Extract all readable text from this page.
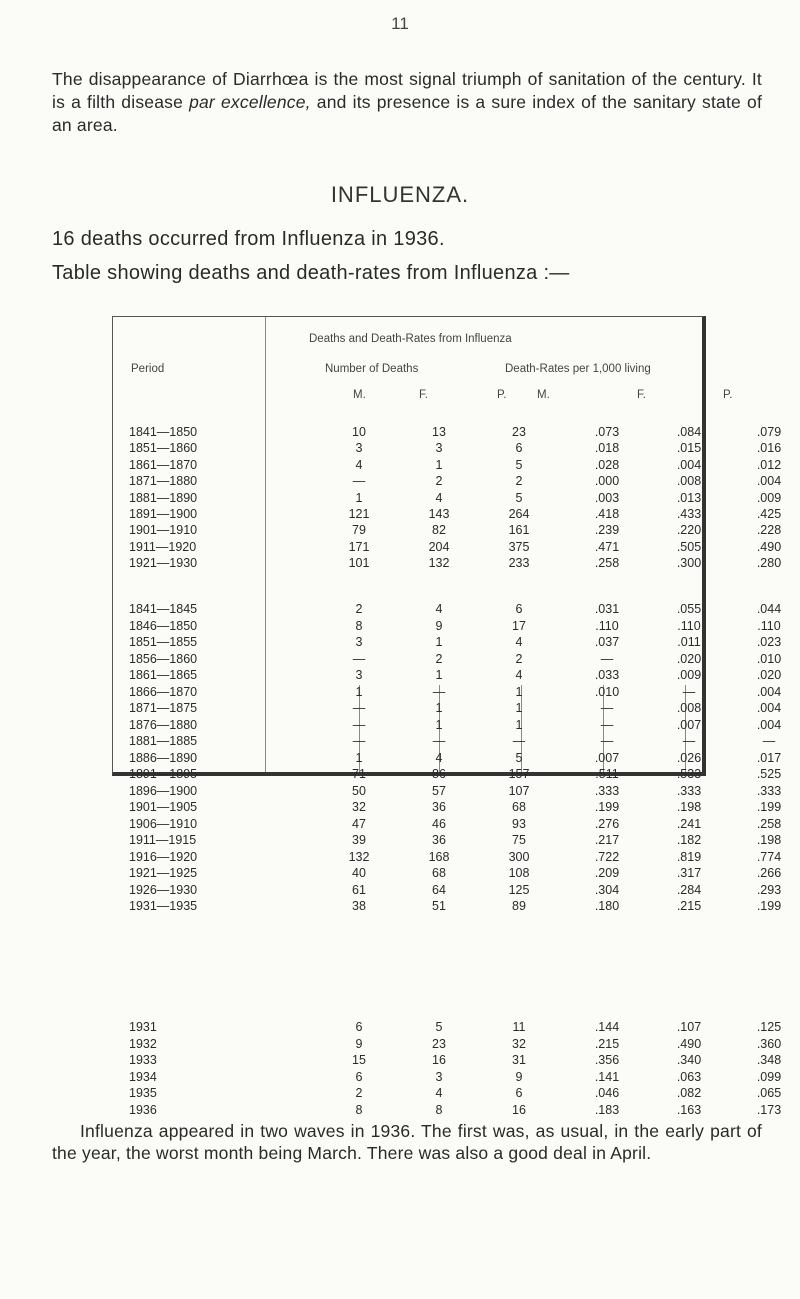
11
The disappearance of Diarrhœa is the most signal triumph of sanitation of the century. It is a filth disease par excellence, and its presence is a sure index of the sanitary state of an area.
INFLUENZA.
16 deaths occurred from Influenza in 1936.
Table showing deaths and death-rates from Influenza :—
Deaths and Death-Rates from Influenza
Period	Number of Deaths	Death-Rates per 1,000 living
M.	F.	P.	M.	F.	P.
1841—1850	10	13	23	.073	.084	.079
1851—1860	3	3	6	.018	.015	.016
1861—1870	4	1	5	.028	.004	.012
1871—1880	—	2	2	.000	.008	.004
1881—1890	1	4	5	.003	.013	.009
1891—1900	121	143	264	.418	.433	.425
1901—1910	79	82	161	.239	.220	.228
1911—1920	171	204	375	.471	.505	.490
1921—1930	101	132	233	.258	.300	.280
1841—1845	2	4	6	.031	.055	.044
1846—1850	8	9	17	.110	.110	.110
1851—1855	3	1	4	.037	.011	.023
1856—1860	—	2	2	—	.020	.010
1861—1865	3	1	4	.033	.009	.020
1866—1870	1	—	1	.010	—	.004
1871—1875	—	1	1	—	.008	.004
1876—1880	—	1	1	—	.007	.004
1881—1885	—	—	—	—	—	—
1886—1890	1	4	5	.007	.026	.017
1891—1895	71	86	157	.511	.533	.525
1896—1900	50	57	107	.333	.333	.333
1901—1905	32	36	68	.199	.198	.199
1906—1910	47	46	93	.276	.241	.258
1911—1915	39	36	75	.217	.182	.198
1916—1920	132	168	300	.722	.819	.774
1921—1925	40	68	108	.209	.317	.266
1926—1930	61	64	125	.304	.284	.293
1931—1935	38	51	89	.180	.215	.199
1931	6	5	11	.144	.107	.125
1932	9	23	32	.215	.490	.360
1933	15	16	31	.356	.340	.348
1934	6	3	9	.141	.063	.099
1935	2	4	6	.046	.082	.065
1936	8	8	16	.183	.163	.173
Influenza appeared in two waves in 1936. The first was, as usual, in the early part of the year, the worst month being March. There was also a good deal in April.
